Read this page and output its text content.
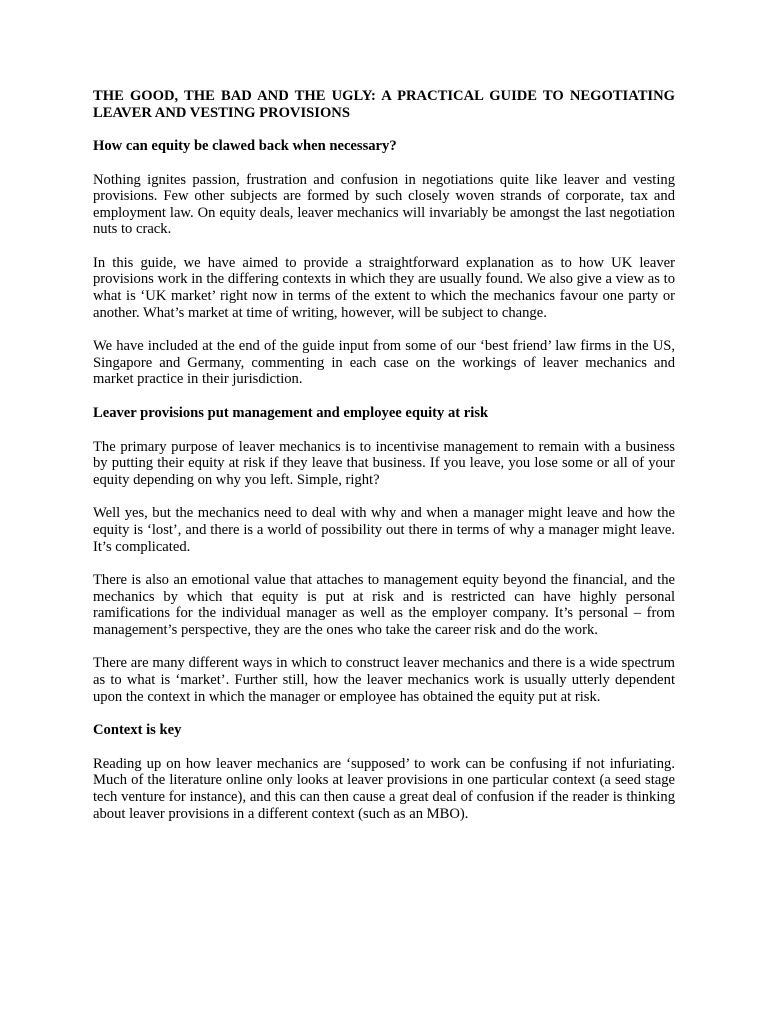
THE GOOD, THE BAD AND THE UGLY: A PRACTICAL GUIDE TO NEGOTIATING LEAVER AND VESTING PROVISIONS
How can equity be clawed back when necessary?

Nothing ignites passion, frustration and confusion in negotiations quite like leaver and vesting provisions. Few other subjects are formed by such closely woven strands of corporate, tax and employment law. On equity deals, leaver mechanics will invariably be amongst the last negotiation nuts to crack.

In this guide, we have aimed to provide a straightforward explanation as to how UK leaver provisions work in the differing contexts in which they are usually found. We also give a view as to what is ‘UK market’ right now in terms of the extent to which the mechanics favour one party or another. What’s market at time of writing, however, will be subject to change.

We have included at the end of the guide input from some of our ‘best friend’ law firms in the US, Singapore and Germany, commenting in each case on the workings of leaver mechanics and market practice in their jurisdiction.

Leaver provisions put management and employee equity at risk

The primary purpose of leaver mechanics is to incentivise management to remain with a business by putting their equity at risk if they leave that business. If you leave, you lose some or all of your equity depending on why you left. Simple, right?

Well yes, but the mechanics need to deal with why and when a manager might leave and how the equity is ‘lost’, and there is a world of possibility out there in terms of why a manager might leave. It’s complicated.

There is also an emotional value that attaches to management equity beyond the financial, and the mechanics by which that equity is put at risk and is restricted can have highly personal ramifications for the individual manager as well as the employer company. It’s personal – from management’s perspective, they are the ones who take the career risk and do the work.

There are many different ways in which to construct leaver mechanics and there is a wide spectrum as to what is ‘market’. Further still, how the leaver mechanics work is usually utterly dependent upon the context in which the manager or employee has obtained the equity put at risk.

Context is key

Reading up on how leaver mechanics are ‘supposed’ to work can be confusing if not infuriating. Much of the literature online only looks at leaver provisions in one particular context (a seed stage tech venture for instance), and this can then cause a great deal of confusion if the reader is thinking about leaver provisions in a different context (such as an MBO).
